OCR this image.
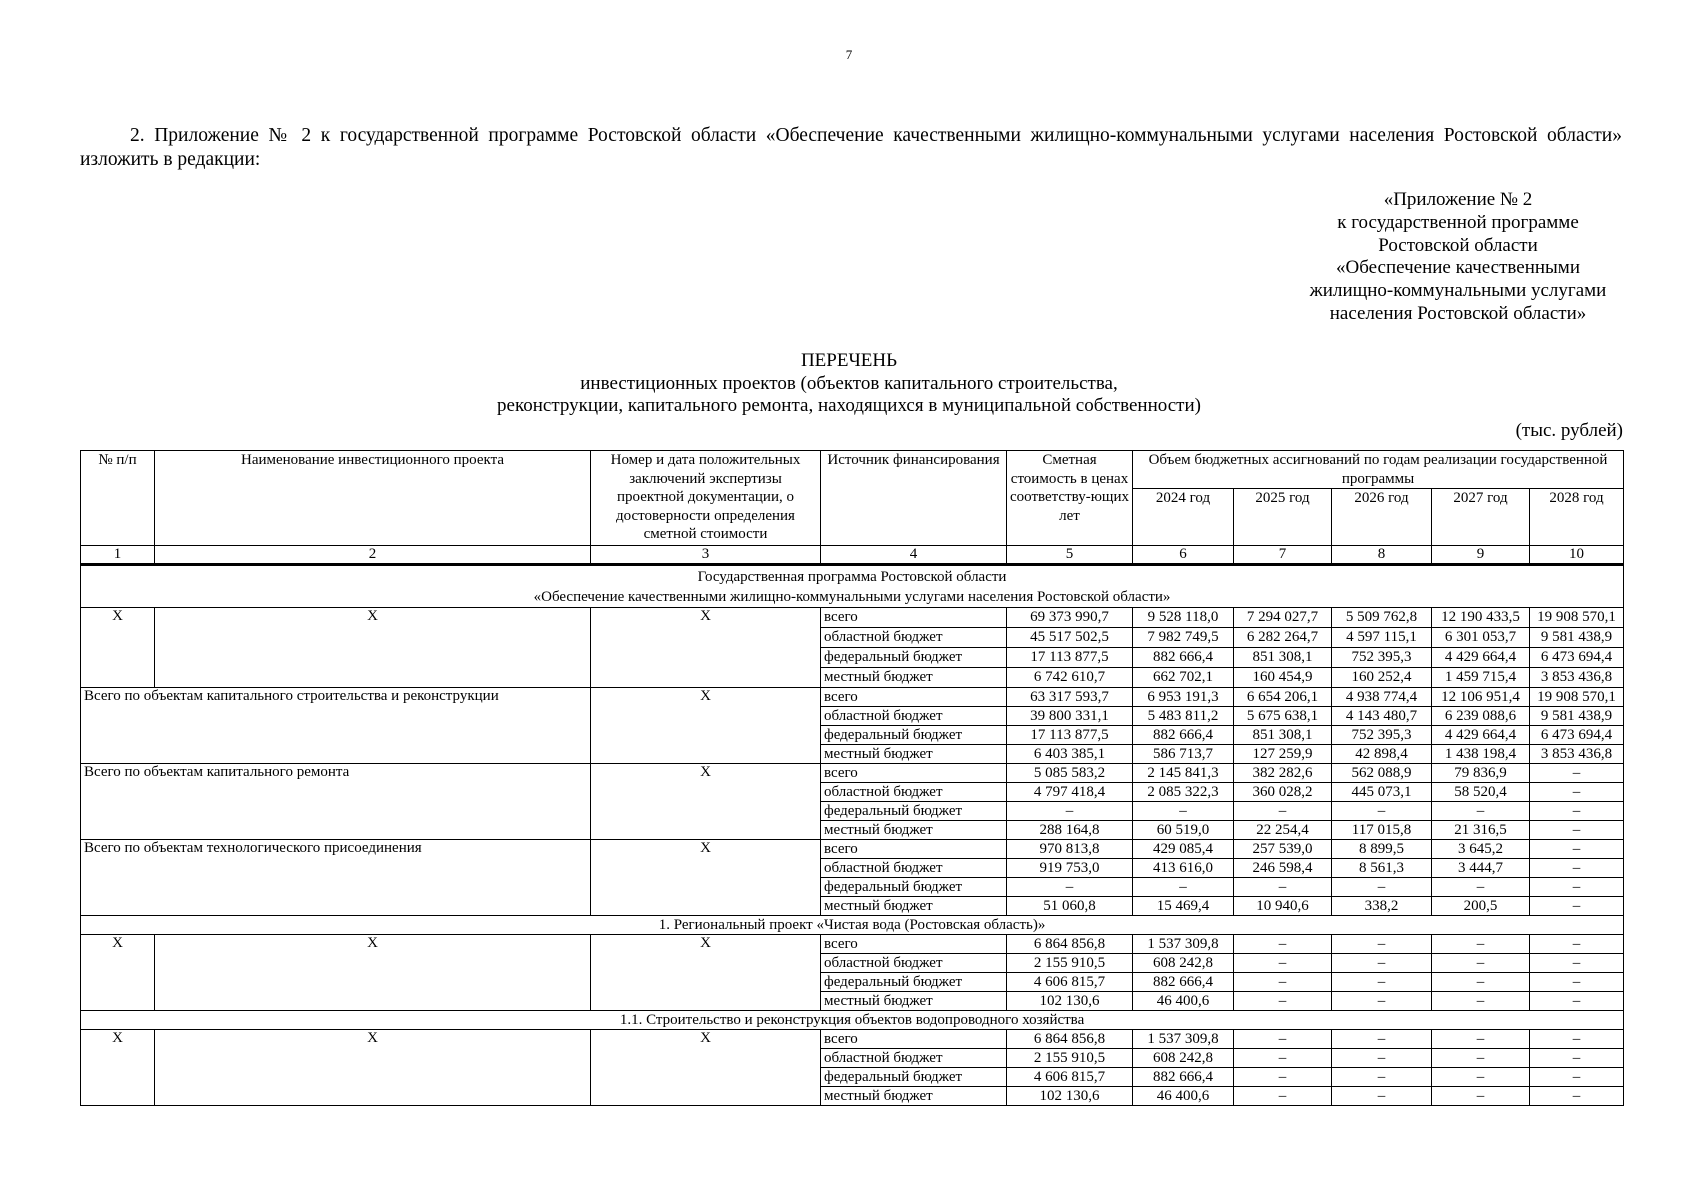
7
2. Приложение № 2 к государственной программе Ростовской области «Обеспечение качественными жилищно-коммунальными услугами населения Ростовской области» изложить в редакции:
«Приложение № 2
к государственной программе
Ростовской области
«Обеспечение качественными
жилищно-коммунальными услугами
населения Ростовской области»
ПЕРЕЧЕНЬ
инвестиционных проектов (объектов капитального строительства,
реконструкции, капитального ремонта, находящихся в муниципальной собственности)
(тыс. рублей)
№ п/п	Наименование инвестиционного проекта	Номер и дата положительных заключений экспертизы проектной документации, о достоверности определения сметной стоимости	Источник финансирования	Сметная стоимость в ценах соответству-ющих лет	Объем бюджетных ассигнований по годам реализации государственной программы				
					2024 год	2025 год	2026 год	2027 год	2028 год
1	2	3	4	5	6	7	8	9	10

Государственная программа Ростовской области
«Обеспечение качественными жилищно-коммунальными услугами населения Ростовской области»									

X	X	X	всего	69 373 990,7	9 528 118,0	7 294 027,7	5 509 762,8	12 190 433,5	19 908 570,1
			областной бюджет	45 517 502,5	7 982 749,5	6 282 264,7	4 597 115,1	6 301 053,7	9 581 438,9
			федеральный бюджет	17 113 877,5	882 666,4	851 308,1	752 395,3	4 429 664,4	6 473 694,4
			местный бюджет	6 742 610,7	662 702,1	160 454,9	160 252,4	1 459 715,4	3 853 436,8
Всего по объектам капитального строительства и реконструкции		X	всего	63 317 593,7	6 953 191,3	6 654 206,1	4 938 774,4	12 106 951,4	19 908 570,1
			областной бюджет	39 800 331,1	5 483 811,2	5 675 638,1	4 143 480,7	6 239 088,6	9 581 438,9
			федеральный бюджет	17 113 877,5	882 666,4	851 308,1	752 395,3	4 429 664,4	6 473 694,4
			местный бюджет	6 403 385,1	586 713,7	127 259,9	42 898,4	1 438 198,4	3 853 436,8
Всего по объектам капитального ремонта		X	всего	5 085 583,2	2 145 841,3	382 282,6	562 088,9	79 836,9	–
			областной бюджет	4 797 418,4	2 085 322,3	360 028,2	445 073,1	58 520,4	–
			федеральный бюджет	–	–	–	–	–	–
			местный бюджет	288 164,8	60 519,0	22 254,4	117 015,8	21 316,5	–
Всего по объектам технологического присоединения		X	всего	970 813,8	429 085,4	257 539,0	8 899,5	3 645,2	–
			областной бюджет	919 753,0	413 616,0	246 598,4	8 561,3	3 444,7	–
			федеральный бюджет	–	–	–	–	–	–
			местный бюджет	51 060,8	15 469,4	10 940,6	338,2	200,5	–
1. Региональный проект «Чистая вода (Ростовская область)»									
X	X	X	всего	6 864 856,8	1 537 309,8	–	–	–	–
			областной бюджет	2 155 910,5	608 242,8	–	–	–	–
			федеральный бюджет	4 606 815,7	882 666,4	–	–	–	–
			местный бюджет	102 130,6	46 400,6	–	–	–	–
1.1. Строительство и реконструкция объектов водопроводного хозяйства									
X	X	X	всего	6 864 856,8	1 537 309,8	–	–	–	–
			областной бюджет	2 155 910,5	608 242,8	–	–	–	–
			федеральный бюджет	4 606 815,7	882 666,4	–	–	–	–
			местный бюджет	102 130,6	46 400,6	–	–	–	–
